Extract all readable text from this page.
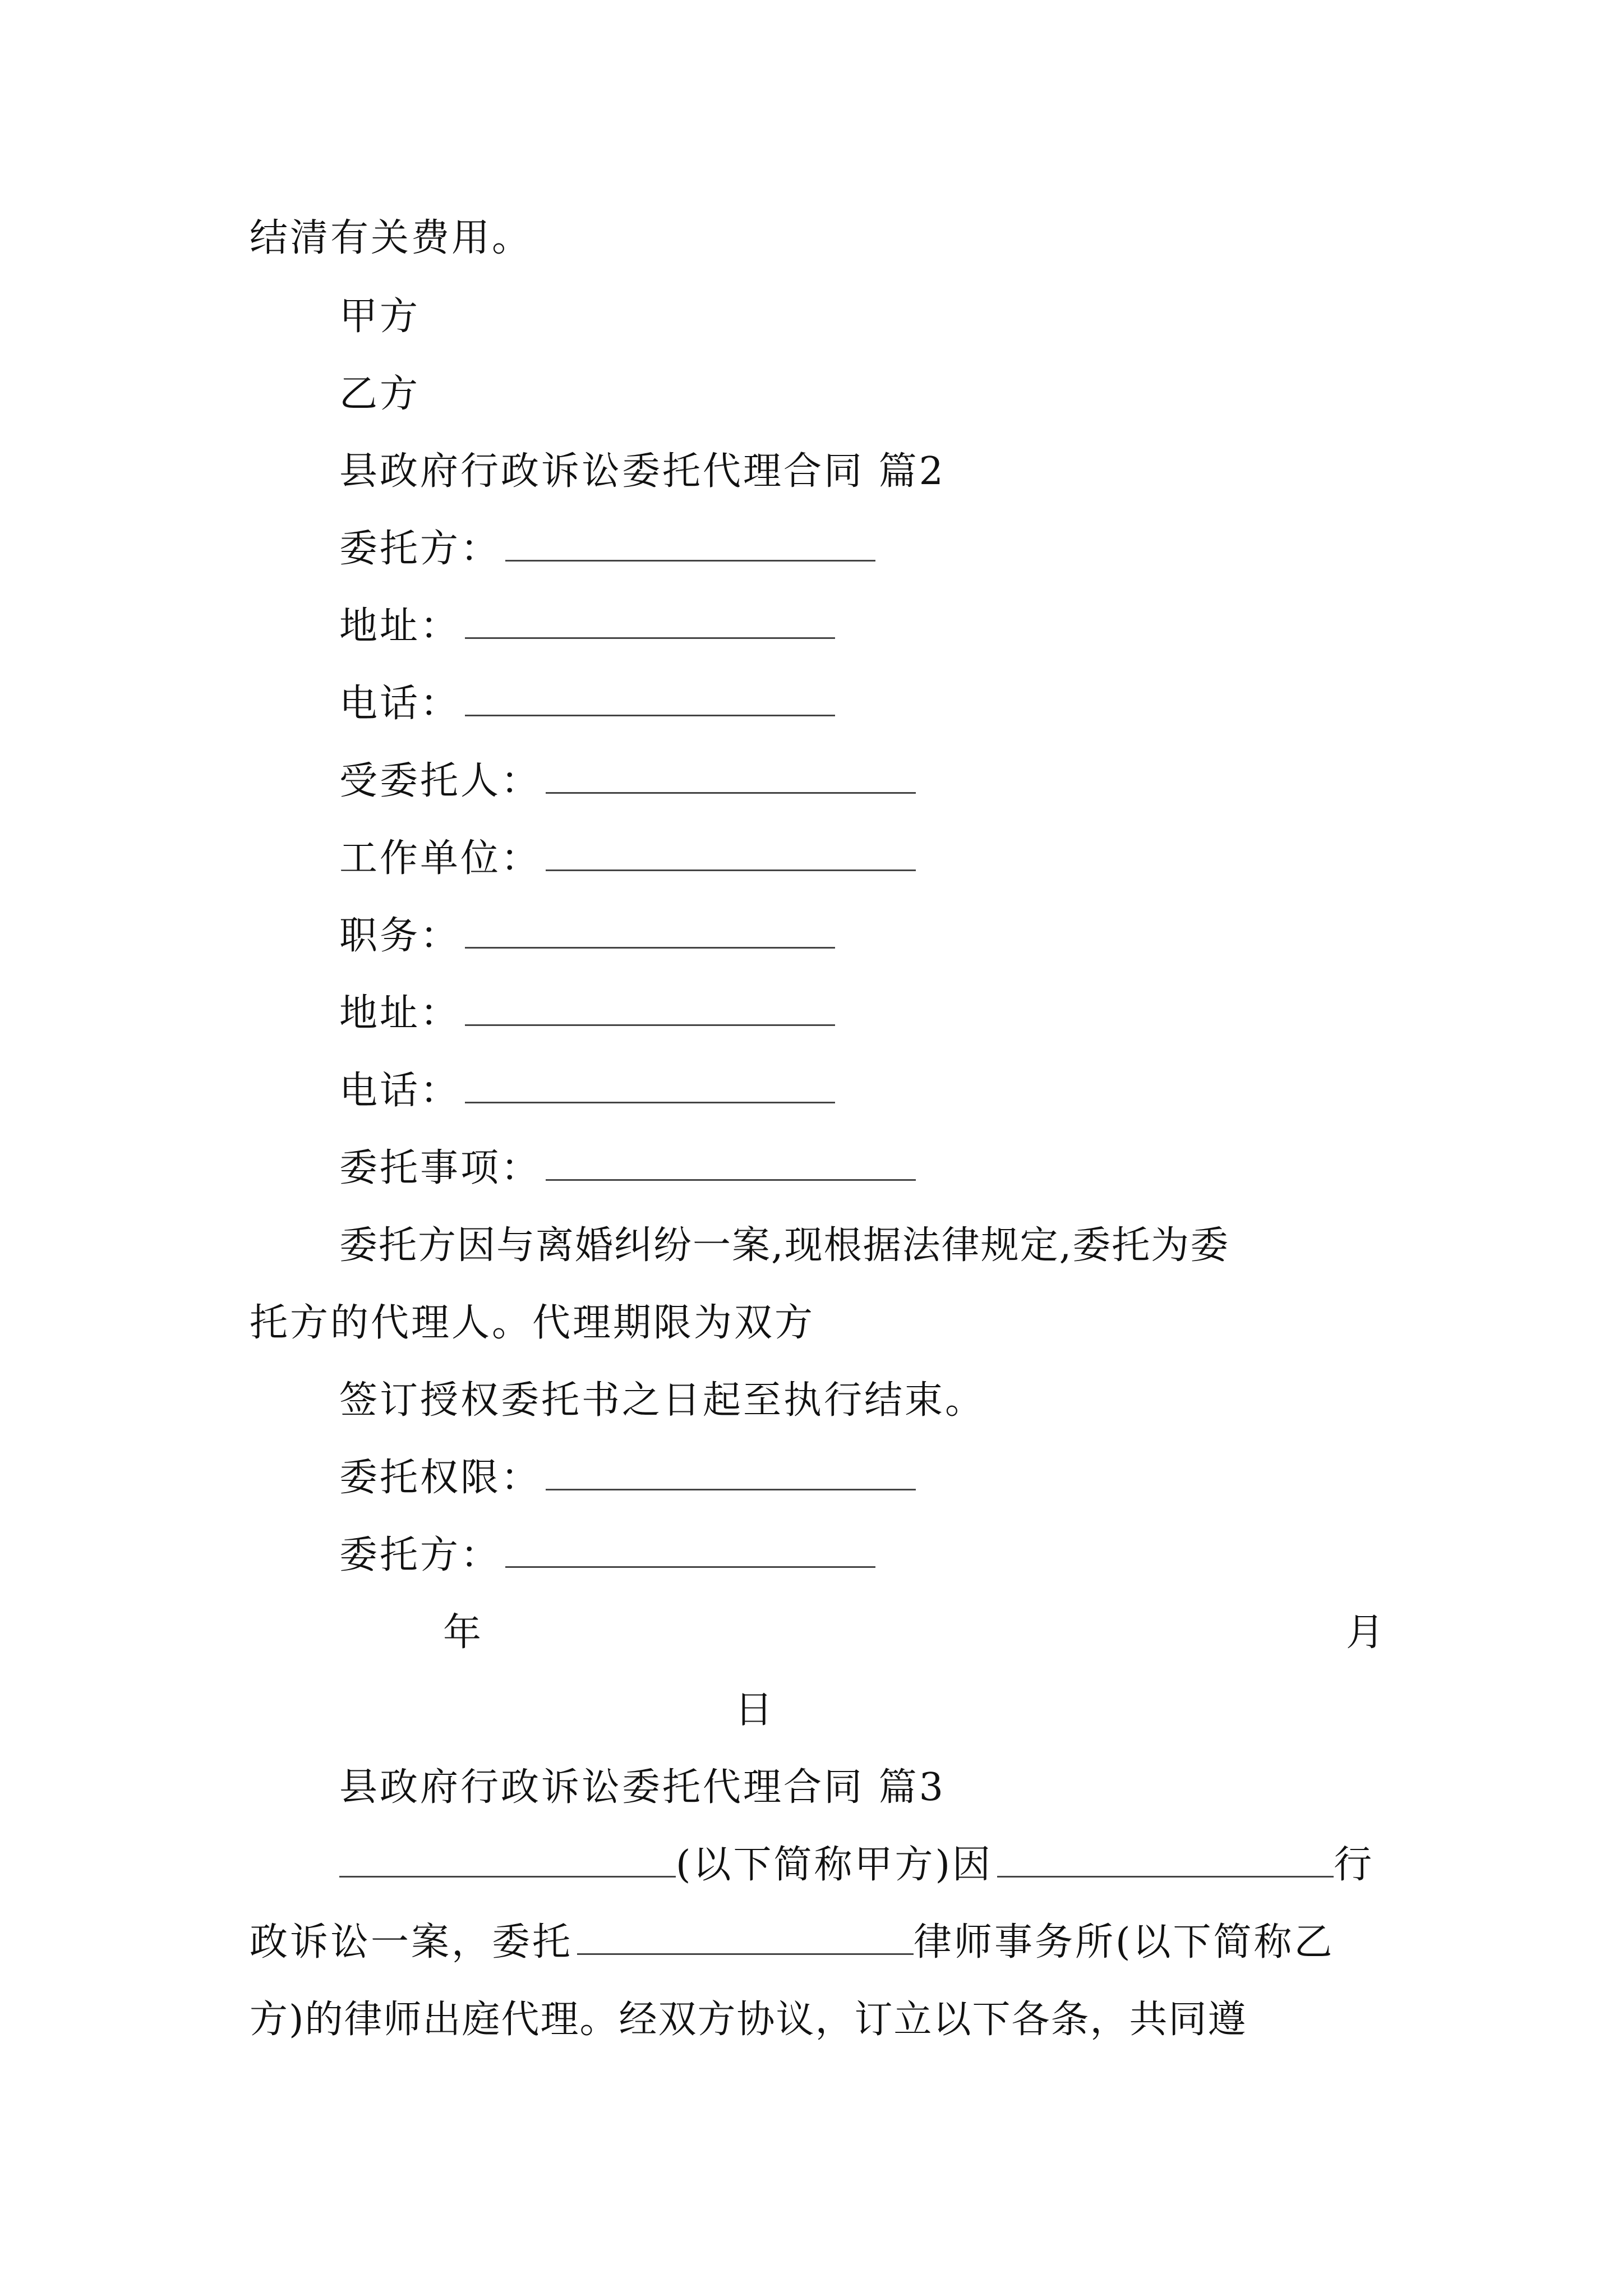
结清有关费用。
甲方
乙方
县政府行政诉讼委托代理合同 篇2
委托方：
地址：
电话：
受委托人：
工作单位：
职务：
地址：
电话：
委托事项：
委托方因与离婚纠纷一案,现根据法律规定,委托为委
托方的代理人。代理期限为双方
签订授权委托书之日起至执行结束。
委托权限：
委托方：
年	月
日
县政府行政诉讼委托代理合同 篇3
(以下简称甲方)因	行
政诉讼一案，委托	律师事务所(以下简称乙
方)的律师出庭代理。经双方协议，订立以下各条，共同遵
